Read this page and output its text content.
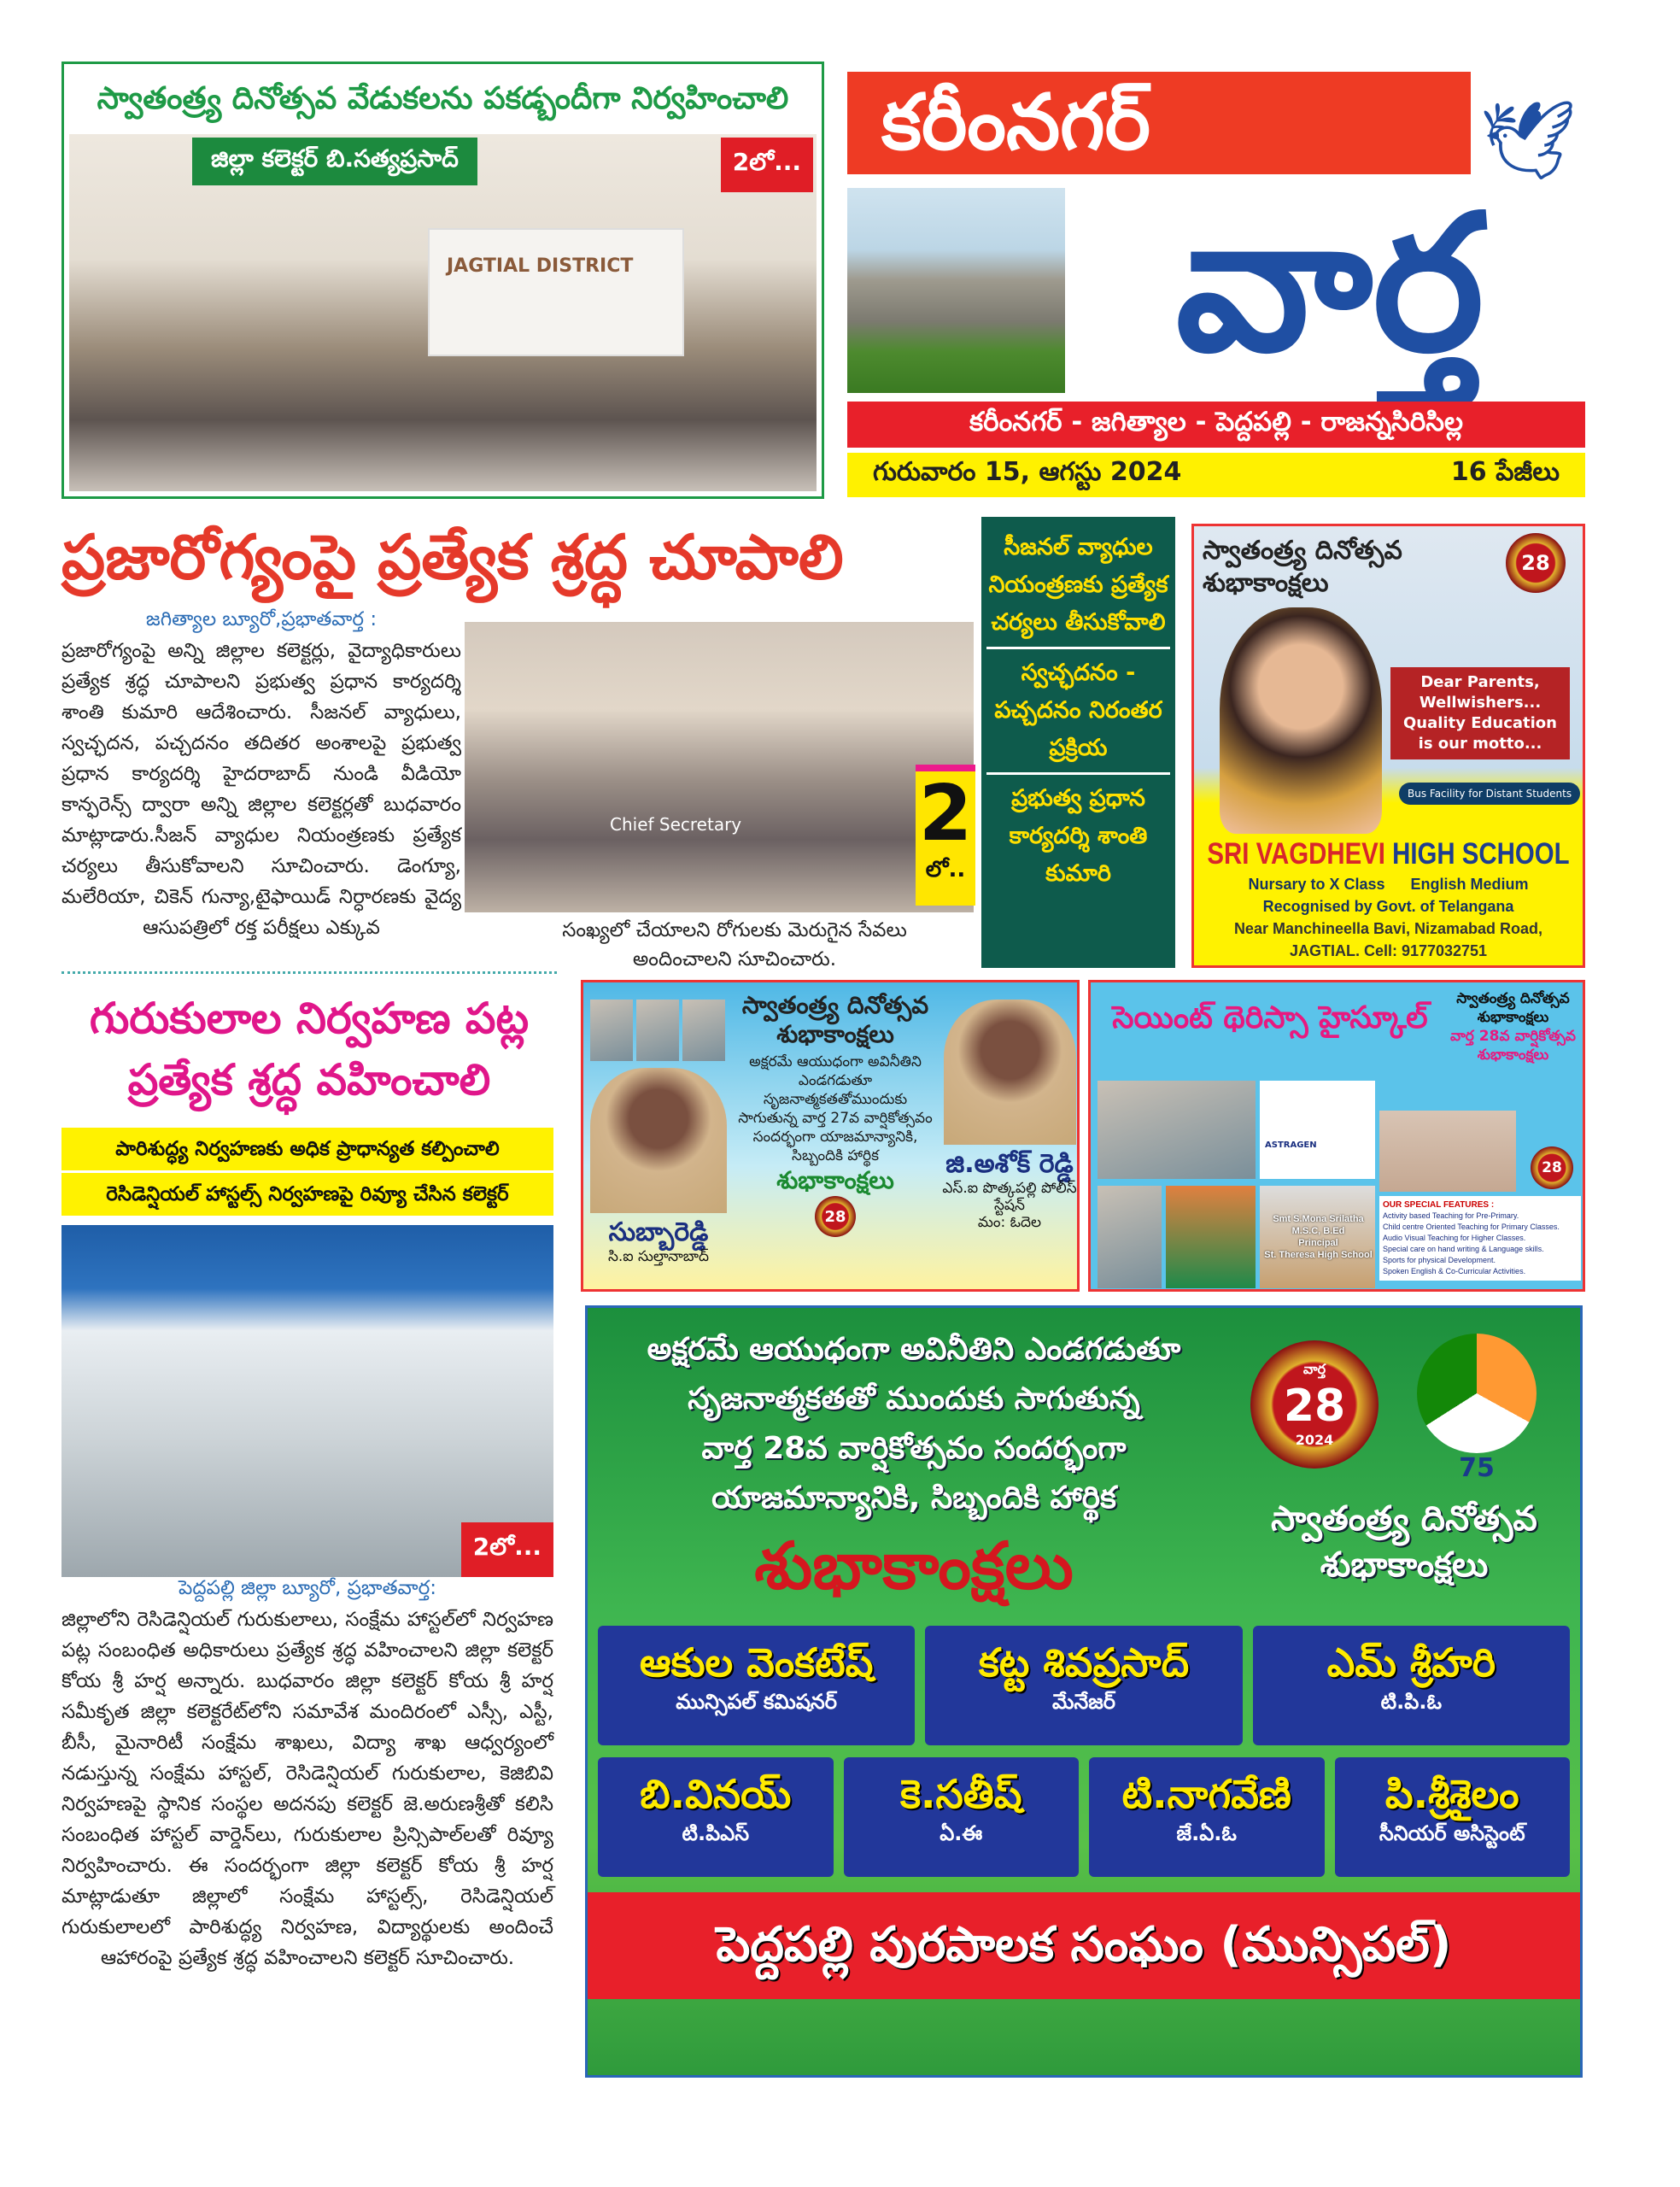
స్వాతంత్ర్య దినోత్సవ వేడుకలను పకడ్బందీగా నిర్వహించాలి
JAGTIAL DISTRICT
జిల్లా కలెక్టర్ బి.సత్యప్రసాద్	2లో...	కరీంనగర్
వార్త
🕊
కరీంనగర్ - జగిత్యాల - పెద్దపల్లి - రాజన్నసిరిసిల్ల
గురువారం 15, ఆగస్టు 2024	16 పేజీలు
ప్రజారోగ్యంపై ప్రత్యేక శ్రద్ధ చూపాలి
Chief Secretary
సంఖ్యలో చేయాలని రోగులకు మెరుగైన సేవలు అందించాలని సూచించారు.
2
లో..
జగిత్యాల బ్యూరో,ప్రభాతవార్త :
ప్రజారోగ్యంపై అన్ని జిల్లాల కలెక్టర్లు, వైద్యాధికారులు ప్రత్యేక శ్రద్ధ చూపాలని ప్రభుత్వ ప్రధాన కార్యదర్శి శాంతి కుమారి ఆదేశించారు. సీజనల్ వ్యాధులు, స్వచ్ఛదన, పచ్చదనం తదితర అంశాలపై ప్రభుత్వ ప్రధాన కార్యదర్శి హైదరాబాద్ నుండి వీడియో కాన్ఫరెన్స్ ద్వారా అన్ని జిల్లాల కలెక్టర్లతో బుధవారం మాట్లాడారు.సీజన్ వ్యాధుల నియంత్రణకు ప్రత్యేక చర్యలు తీసుకోవాలని సూచించారు. డెంగ్యూ, మలేరియా, చికెన్ గున్యా,టైఫాయిడ్ నిర్ధారణకు వైద్య ఆసుపత్రిలో రక్త పరీక్షలు ఎక్కువ
గురుకులాల నిర్వహణ పట్ల ప్రత్యేక శ్రద్ధ వహించాలి
పారిశుద్ధ్య నిర్వహణకు అధిక ప్రాధాన్యత కల్పించాలి
రెసిడెన్షియల్ హాస్టల్స్ నిర్వహణపై రివ్యూ చేసిన కలెక్టర్
2లో...
పెద్దపల్లి జిల్లా బ్యూరో, ప్రభాతవార్త:
జిల్లాలోని రెసిడెన్షియల్ గురుకులాలు, సంక్షేమ హాస్టల్‌లో నిర్వహణ పట్ల సంబంధిత అధికారులు ప్రత్యేక శ్రద్ధ వహించాలని జిల్లా కలెక్టర్ కోయ శ్రీ హర్ష అన్నారు. బుధవారం జిల్లా కలెక్టర్ కోయ శ్రీ హర్ష సమీకృత జిల్లా కలెక్టరేట్‌లోని సమావేశ మందిరంలో ఎస్సీ, ఎస్టీ, బీసీ, మైనారిటీ సంక్షేమ శాఖలు, విద్యా శాఖ ఆధ్వర్యంలో నడుస్తున్న సంక్షేమ హాస్టల్, రెసిడెన్షియల్ గురుకులాల, కెజిబివి నిర్వహణపై స్థానిక సంస్థల అదనపు కలెక్టర్ జె.అరుణశ్రీతో కలిసి సంబంధిత హాస్టల్ వార్డెన్‌లు, గురుకులాల ప్రిన్సిపాల్‌లతో రివ్యూ నిర్వహించారు. ఈ సందర్భంగా జిల్లా కలెక్టర్ కోయ శ్రీ హర్ష మాట్లాడుతూ జిల్లాలో సంక్షేమ హాస్టల్స్, రెసిడెన్షియల్ గురుకులాలలో పారిశుద్ధ్య నిర్వహణ, విద్యార్థులకు అందించే ఆహారంపై ప్రత్యేక శ్రద్ధ వహించాలని కలెక్టర్ సూచించారు.
సీజనల్ వ్యాధుల నియంత్రణకు ప్రత్యేక చర్యలు తీసుకోవాలి
స్వచ్ఛదనం - పచ్చదనం నిరంతర ప్రక్రియ
ప్రభుత్వ ప్రధాన కార్యదర్శి శాంతి కుమారి
స్వాతంత్ర్య దినోత్సవ శుభాకాంక్షలు
28
Dear Parents, Wellwishers... Quality Education is our motto...
Bus Facility for Distant Students
SRI VAGDHEVI HIGH SCHOOL
Nursary to X Class      English Medium
Recognised by Govt. of Telangana
Near Manchineella Bavi, Nizamabad Road,
JAGTIAL. Cell: 9177032751
స్వాతంత్ర్య దినోత్సవ శుభాకాంక్షలు
అక్షరమే ఆయుధంగా అవినీతిని ఎండగడుతూ సృజనాత్మకతతోముందుకు సాగుతున్న వార్త 27వ వార్షికోత్సవం సందర్భంగా యాజమాన్యానికి, సిబ్బందికి హార్థిక
శుభాకాంక్షలు
28
సుబ్బారెడ్డి
సి.ఐ సుల్తానాబాద్
జి.అశోక్ రెడ్డి
ఎస్.ఐ పొత్కపల్లి పోలీస్ స్టేషన్
మం: ఓదెల
సెయింట్ థెరిస్సా హైస్కూల్
స్వాతంత్ర్య దినోత్సవ శుభాకాంక్షలు
వార్త 28వ వార్షికోత్సవ శుభాకాంక్షలు
ASTRAGEN
28
Smt S.Mona Srilatha
M.S.C, B.Ed
Principal
St. Theresa High School
OUR SPECIAL FEATURES :
Activity based Teaching for Pre-Primary.
Child centre Oriented Teaching for Primary Classes.
Audio Visual Teaching for Higher Classes.
Special care on hand writing & Language skills.
Sports for physical Development.
Spoken English & Co-Curricular Activities.
అక్షరమే ఆయుధంగా అవినీతిని ఎండగడుతూ
సృజనాత్మకతతో ముందుకు సాగుతున్న
వార్త 28వ వార్షికోత్సవం సందర్భంగా
యాజమాన్యానికి, సిబ్బందికి హార్థిక
శుభాకాంక్షలు
వార్త
28
2024
75
స్వాతంత్ర్య దినోత్సవ శుభాకాంక్షలు
ఆకుల వెంకటేష్
మున్సిపల్ కమిషనర్
కట్ట శివప్రసాద్
మేనేజర్
ఎమ్ శ్రీహరి
టి.పి.ఓ
బి.వినయ్
టి.పిఎస్
కె.సతీష్
ఏ.ఈ
టి.నాగవేణి
జే.ఏ.ఓ
పి.శ్రీశైలం
సీనియర్ అసిస్టెంట్
పెద్దపల్లి పురపాలక సంఘం (మున్సిపల్)
